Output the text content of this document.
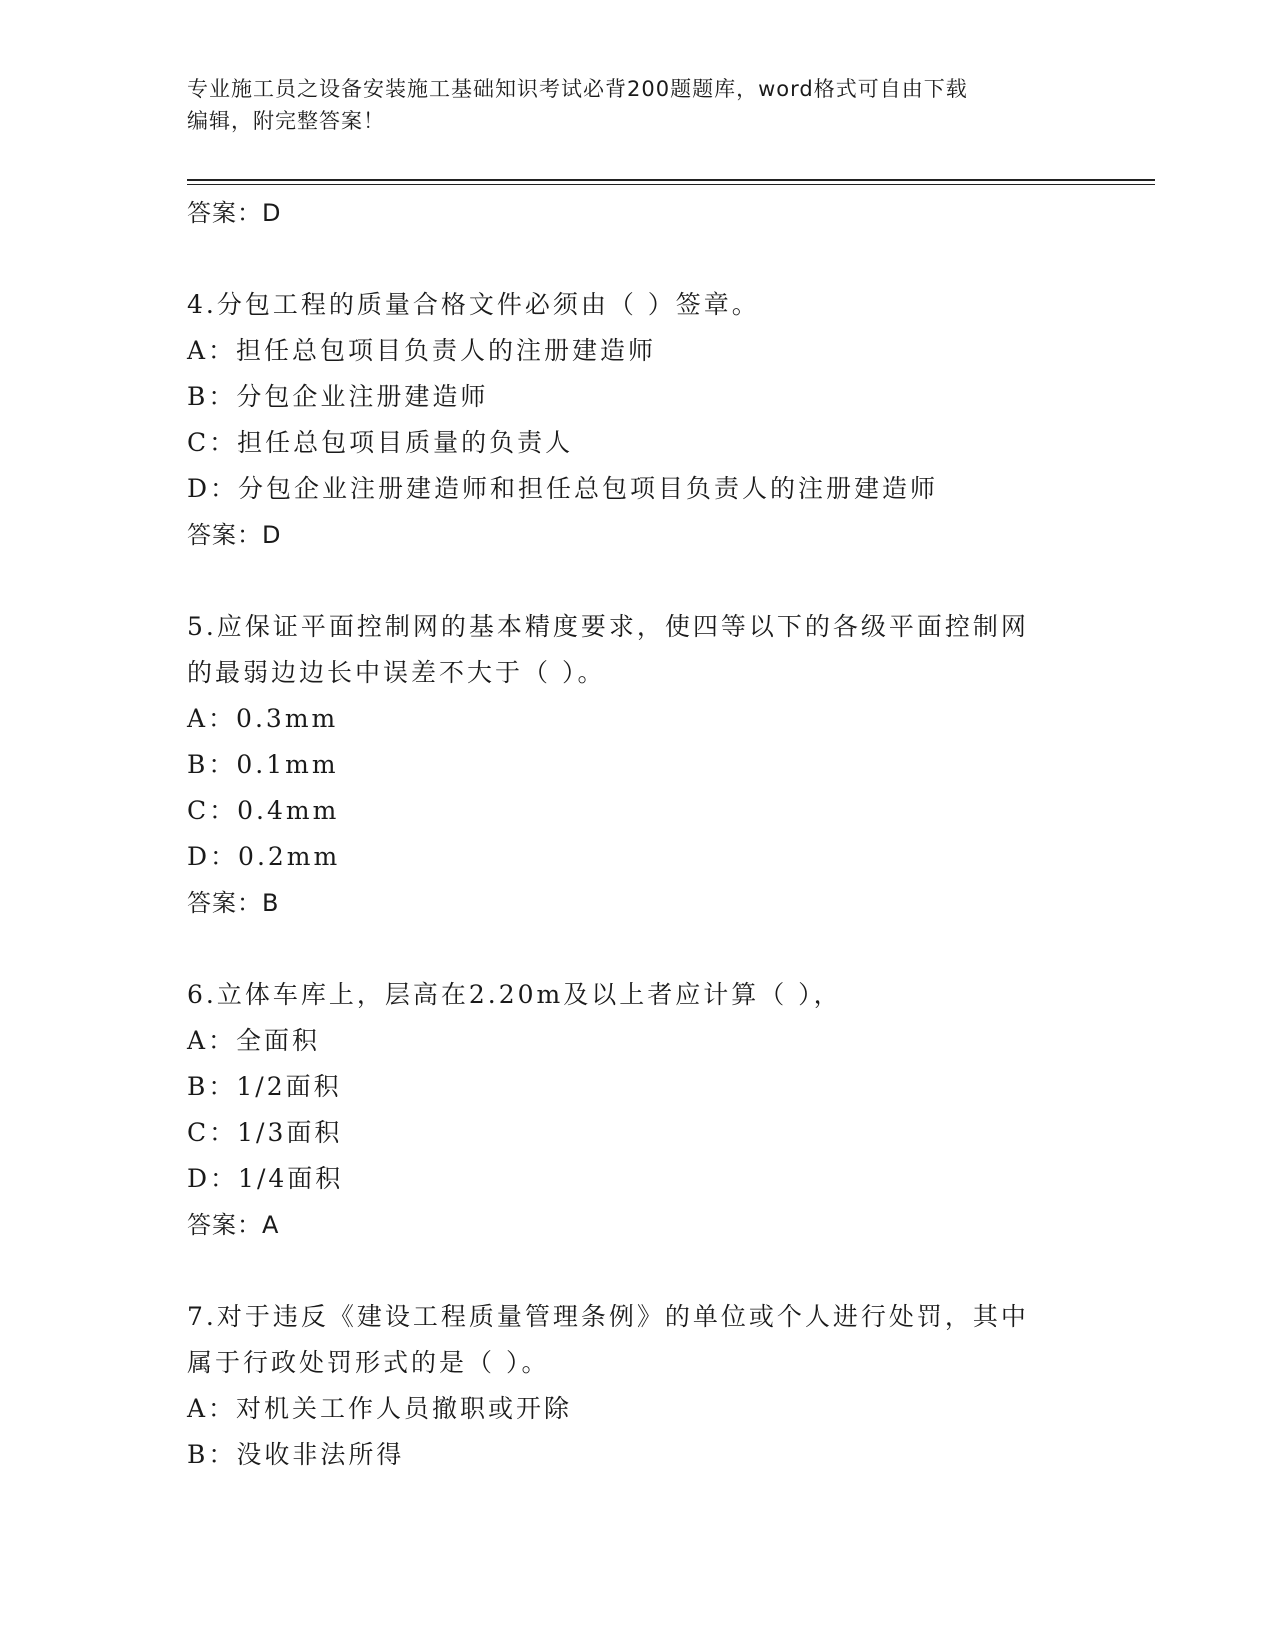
专业施工员之设备安装施工基础知识考试必背200题题库，word格式可自由下载
编辑，附完整答案！
答案：D
4.分包工程的质量合格文件必须由（ ）签章。
A：担任总包项目负责人的注册建造师
B：分包企业注册建造师
C：担任总包项目质量的负责人
D：分包企业注册建造师和担任总包项目负责人的注册建造师
答案：D
5.应保证平面控制网的基本精度要求，使四等以下的各级平面控制网
的最弱边边长中误差不大于（ ）。
A：0.3mm
B：0.1mm
C：0.4mm
D：0.2mm
答案：B
6.立体车库上，层高在2.20m及以上者应计算（ ），
A：全面积
B：1/2面积
C：1/3面积
D：1/4面积
答案：A
7.对于违反《建设工程质量管理条例》的单位或个人进行处罚，其中
属于行政处罚形式的是（ ）。
A：对机关工作人员撤职或开除
B：没收非法所得
